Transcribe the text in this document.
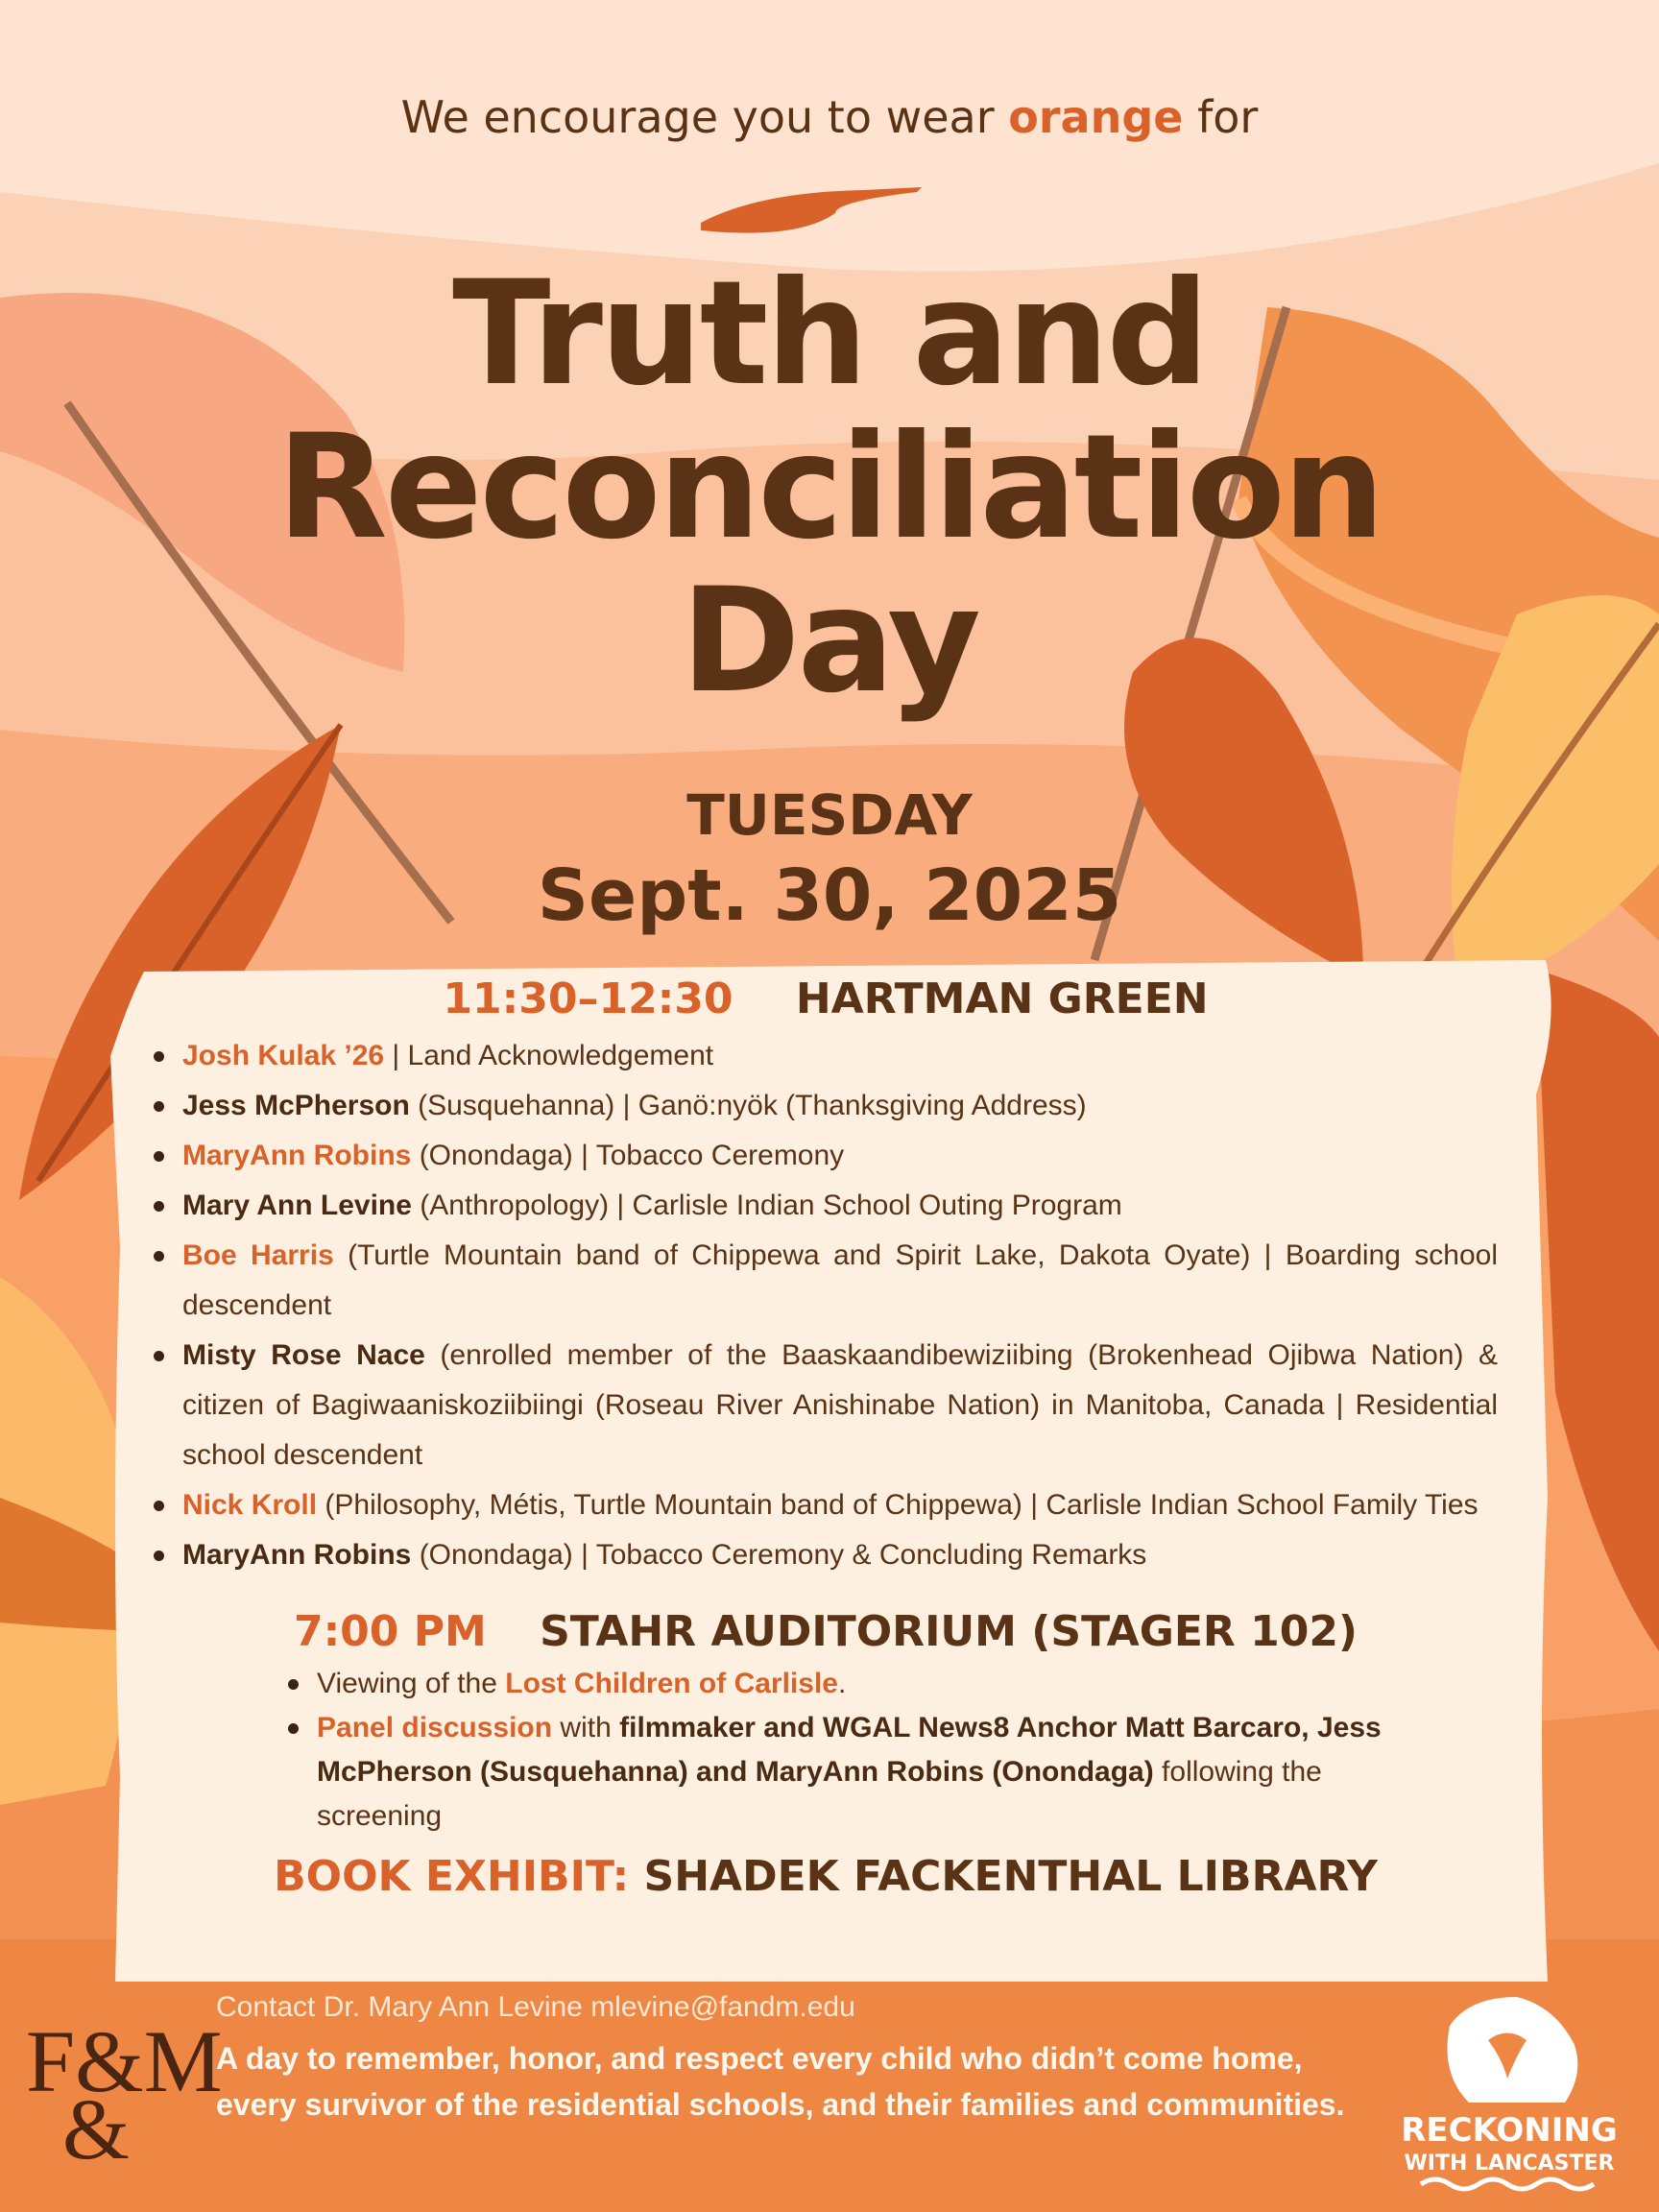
We encourage you to wear orange for
Truth and
Reconciliation
Day
TUESDAY
Sept. 30, 2025
11:30–12:30 HARTMAN GREEN
Josh Kulak ’26 | Land Acknowledgement
Jess McPherson (Susquehanna) | Ganö:nyök (Thanksgiving Address)
MaryAnn Robins (Onondaga) | Tobacco Ceremony
Mary Ann Levine (Anthropology) | Carlisle Indian School Outing Program
Boe Harris (Turtle Mountain band of Chippewa and Spirit Lake, Dakota Oyate) | Boarding school descendent
Misty Rose Nace (enrolled member of the Baaskaandibewiziibing (Brokenhead Ojibwa Nation) & citizen of Bagiwaaniskoziibiingi (Roseau River Anishinabe Nation) in Manitoba, Canada | Residential school descendent
Nick Kroll (Philosophy, Métis, Turtle Mountain band of Chippewa) | Carlisle Indian School Family Ties
MaryAnn Robins (Onondaga) | Tobacco Ceremony & Concluding Remarks
7:00 PM STAHR AUDITORIUM (STAGER 102)
Viewing of the Lost Children of Carlisle.
Panel discussion with filmmaker and WGAL News8 Anchor Matt Barcaro, Jess McPherson (Susquehanna) and MaryAnn Robins (Onondaga) following the screening
BOOK EXHIBIT: SHADEK FACKENTHAL LIBRARY
Contact Dr. Mary Ann Levine mlevine@fandm.edu
A day to remember, honor, and respect every child who didn’t come home, every survivor of the residential schools, and their families and communities.
F&M
&	RECKONING
WITH LANCASTER
